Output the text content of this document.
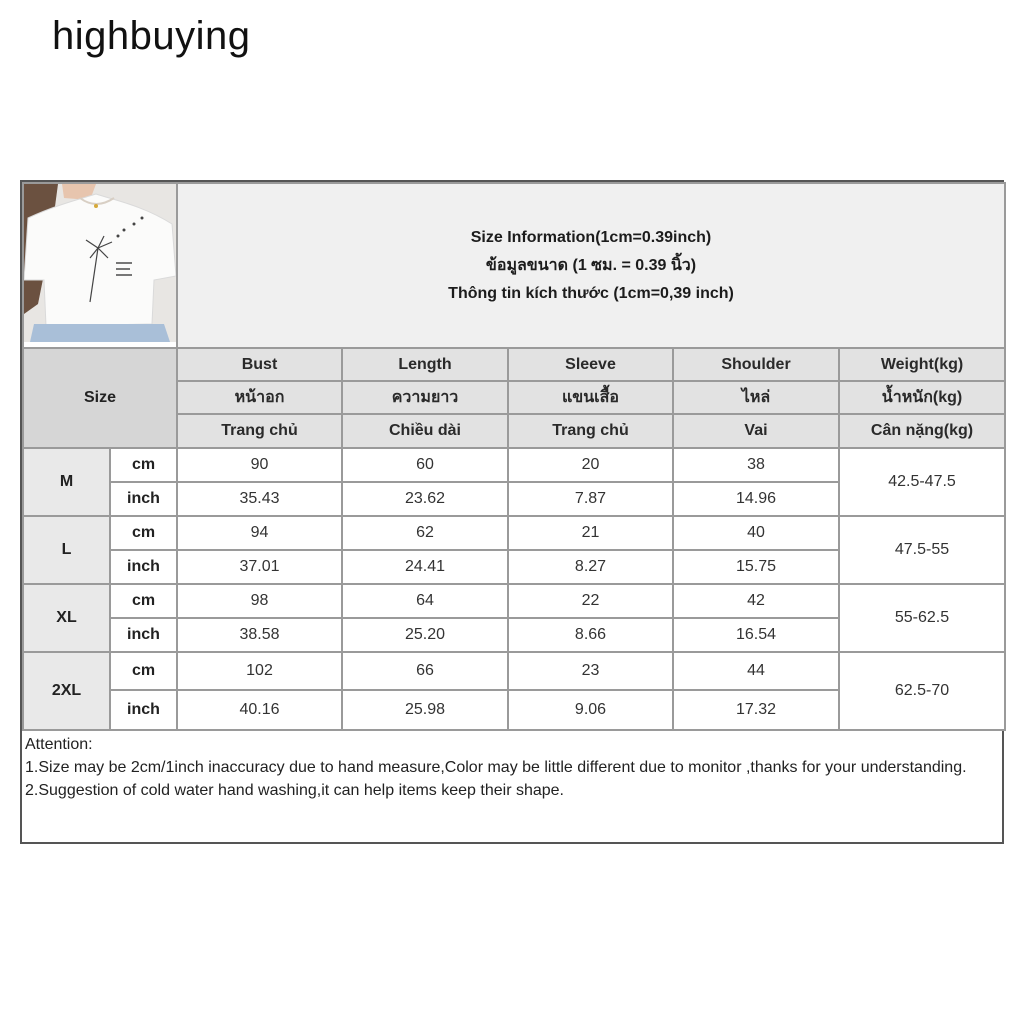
highbuying

Size Information(1cm=0.39inch)
ข้อมูลขนาด (1 ซม. = 0.39 นิ้ว)
Thông tin kích thước (1cm=0,39 inch)				

Size		Bust	Length	Sleeve	Shoulder	Weight(kg)
		หน้าอก	ความยาว	แขนเสื้อ	ไหล่	น้ำหนัก(kg)
		Trang chủ	Chiều dài	Trang chủ	Vai	Cân nặng(kg)
M	cm	90	60	20	38	42.5-47.5
	inch	35.43	23.62	7.87	14.96	
L	cm	94	62	21	40	47.5-55
	inch	37.01	24.41	8.27	15.75	
XL	cm	98	64	22	42	55-62.5
	inch	38.58	25.20	8.66	16.54	
2XL	cm	102	66	23	44	62.5-70
	inch	40.16	25.98	9.06	17.32	
Attention:
1.Size may be 2cm/1inch inaccuracy due to hand measure,Color may be little different due to monitor ,thanks for your understanding.
2.Suggestion of cold water hand washing,it can help items keep their shape.
